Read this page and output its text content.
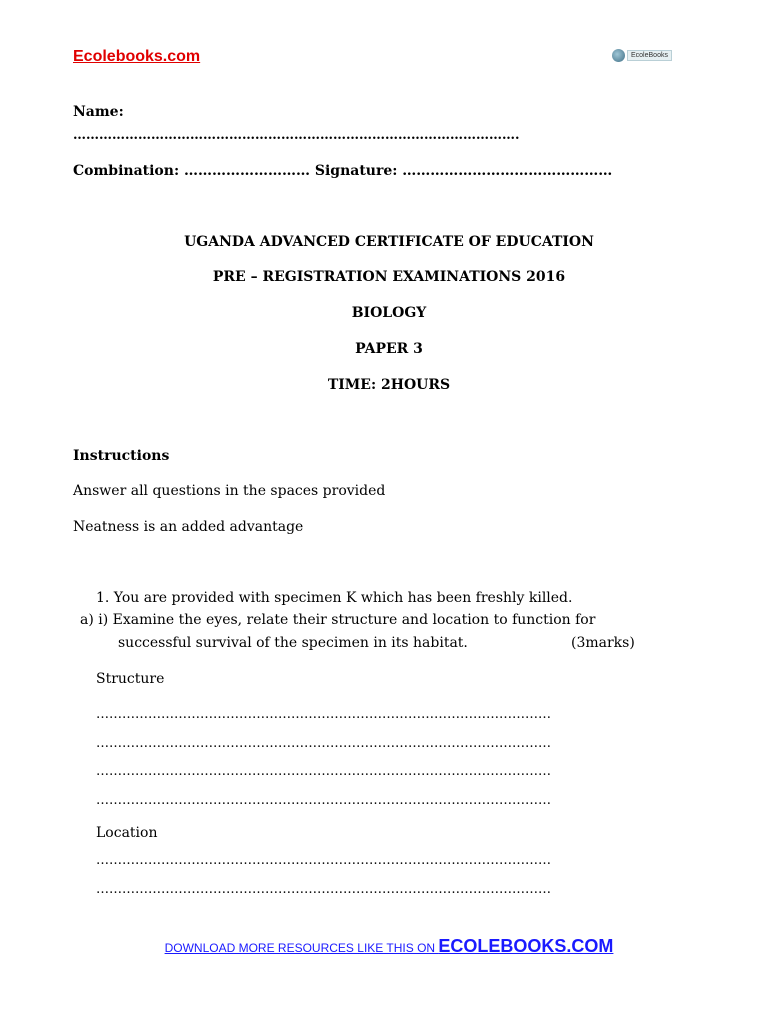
Ecolebooks.com	EcoleBooks
Name:
………………………………………………………………………………………….
Combination: ……………………… Signature: ………………………………………
UGANDA ADVANCED CERTIFICATE OF EDUCATION
PRE – REGISTRATION EXAMINATIONS 2016
BIOLOGY
PAPER 3
TIME: 2HOURS
Instructions
Answer all questions in the spaces provided
Neatness is an added advantage
1. You are provided with specimen K which has been freshly killed.
a) i) Examine the eyes, relate their structure and location to function for
successful survival of the specimen in its habitat.	(3marks)
Structure
……………………………………………………………………………………………
……………………………………………………………………………………………
……………………………………………………………………………………………
……………………………………………………………………………………………
Location
……………………………………………………………………………………………
……………………………………………………………………………………………
DOWNLOAD MORE RESOURCES LIKE THIS ON ECOLEBOOKS.COM
